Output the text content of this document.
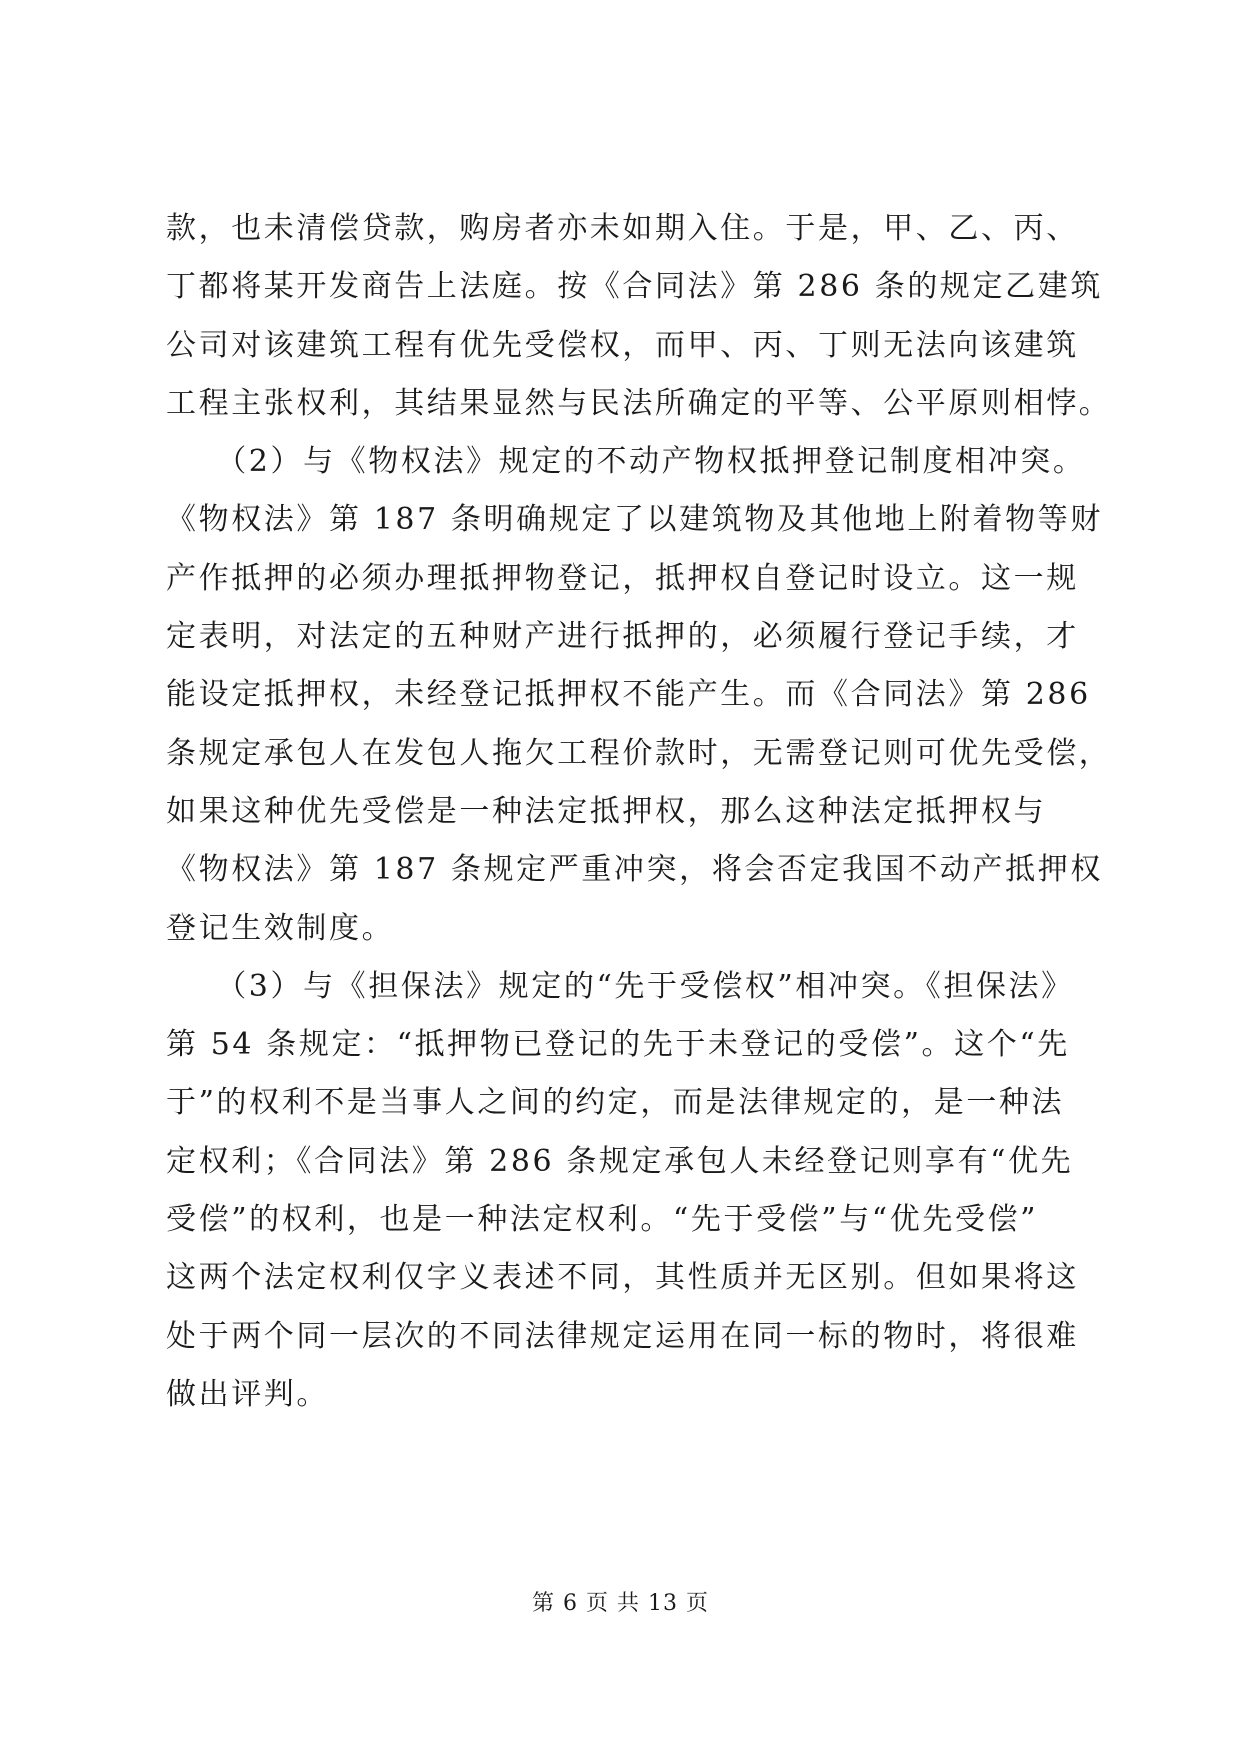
款，也未清偿贷款，购房者亦未如期入住。于是，甲、乙、丙、
丁都将某开发商告上法庭。按《合同法》第 286 条的规定乙建筑
公司对该建筑工程有优先受偿权，而甲、丙、丁则无法向该建筑
工程主张权利，其结果显然与民法所确定的平等、公平原则相悖。
　　（2）与《物权法》规定的不动产物权抵押登记制度相冲突。
《物权法》第 187 条明确规定了以建筑物及其他地上附着物等财
产作抵押的必须办理抵押物登记，抵押权自登记时设立。这一规
定表明，对法定的五种财产进行抵押的，必须履行登记手续，才
能设定抵押权，未经登记抵押权不能产生。而《合同法》第 286
条规定承包人在发包人拖欠工程价款时，无需登记则可优先受偿，
如果这种优先受偿是一种法定抵押权，那么这种法定抵押权与
《物权法》第 187 条规定严重冲突，将会否定我国不动产抵押权
登记生效制度。
　　（3）与《担保法》规定的“先于受偿权”相冲突。《担保法》
第 54 条规定：“抵押物已登记的先于未登记的受偿”。这个“先
于”的权利不是当事人之间的约定，而是法律规定的，是一种法
定权利；《合同法》第 286 条规定承包人未经登记则享有“优先
受偿”的权利，也是一种法定权利。“先于受偿”与“优先受偿”
这两个法定权利仅字义表述不同，其性质并无区别。但如果将这
处于两个同一层次的不同法律规定运用在同一标的物时，将很难
做出评判。
第 6 页 共 13 页
